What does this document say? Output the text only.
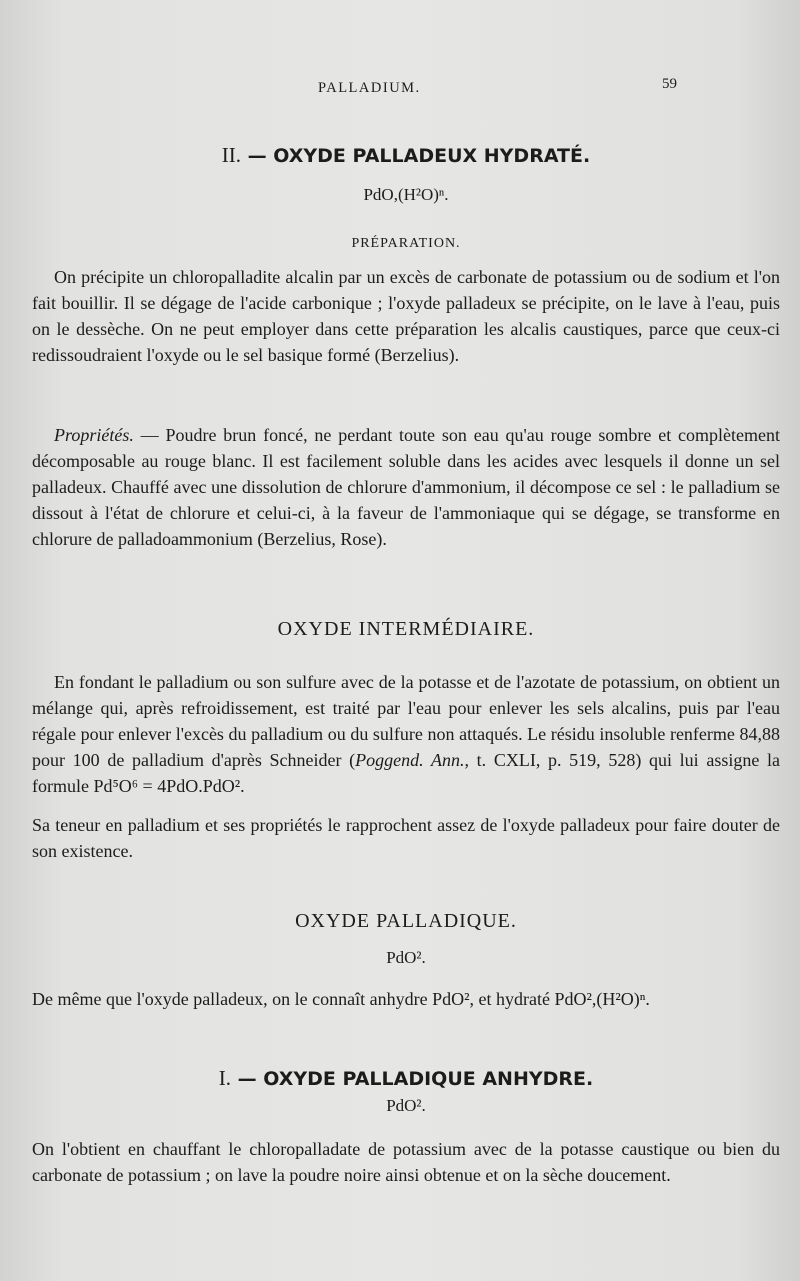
PALLADIUM.	59
II. — OXYDE PALLADEUX HYDRATÉ.

PdO,(H²O)ⁿ.

PRÉPARATION.

On précipite un chloropalladite alcalin par un excès de carbonate de potassium ou de sodium et l'on fait bouillir. Il se dégage de l'acide carbonique ; l'oxyde palladeux se précipite, on le lave à l'eau, puis on le dessèche. On ne peut employer dans cette préparation les alcalis caustiques, parce que ceux-ci redissoudraient l'oxyde ou le sel basique formé (Berzelius).

Propriétés. — Poudre brun foncé, ne perdant toute son eau qu'au rouge sombre et complètement décomposable au rouge blanc. Il est facilement soluble dans les acides avec lesquels il donne un sel palladeux. Chauffé avec une dissolution de chlorure d'ammonium, il décompose ce sel : le palladium se dissout à l'état de chlorure et celui-ci, à la faveur de l'ammoniaque qui se dégage, se transforme en chlorure de palladoammonium (Berzelius, Rose).

OXYDE INTERMÉDIAIRE.

En fondant le palladium ou son sulfure avec de la potasse et de l'azotate de potassium, on obtient un mélange qui, après refroidissement, est traité par l'eau pour enlever les sels alcalins, puis par l'eau régale pour enlever l'excès du palladium ou du sulfure non attaqués. Le résidu insoluble renferme 84,88 pour 100 de palladium d'après Schneider (Poggend. Ann., t. CXLI, p. 519, 528) qui lui assigne la formule Pd⁵O⁶ = 4PdO.PdO².

Sa teneur en palladium et ses propriétés le rapprochent assez de l'oxyde palladeux pour faire douter de son existence.

OXYDE PALLADIQUE.

PdO².

De même que l'oxyde palladeux, on le connaît anhydre PdO², et hydraté PdO²,(H²O)ⁿ.

I. — OXYDE PALLADIQUE ANHYDRE.

PdO².

On l'obtient en chauffant le chloropalladate de potassium avec de la potasse caustique ou bien du carbonate de potassium ; on lave la poudre noire ainsi obtenue et on la sèche doucement.
